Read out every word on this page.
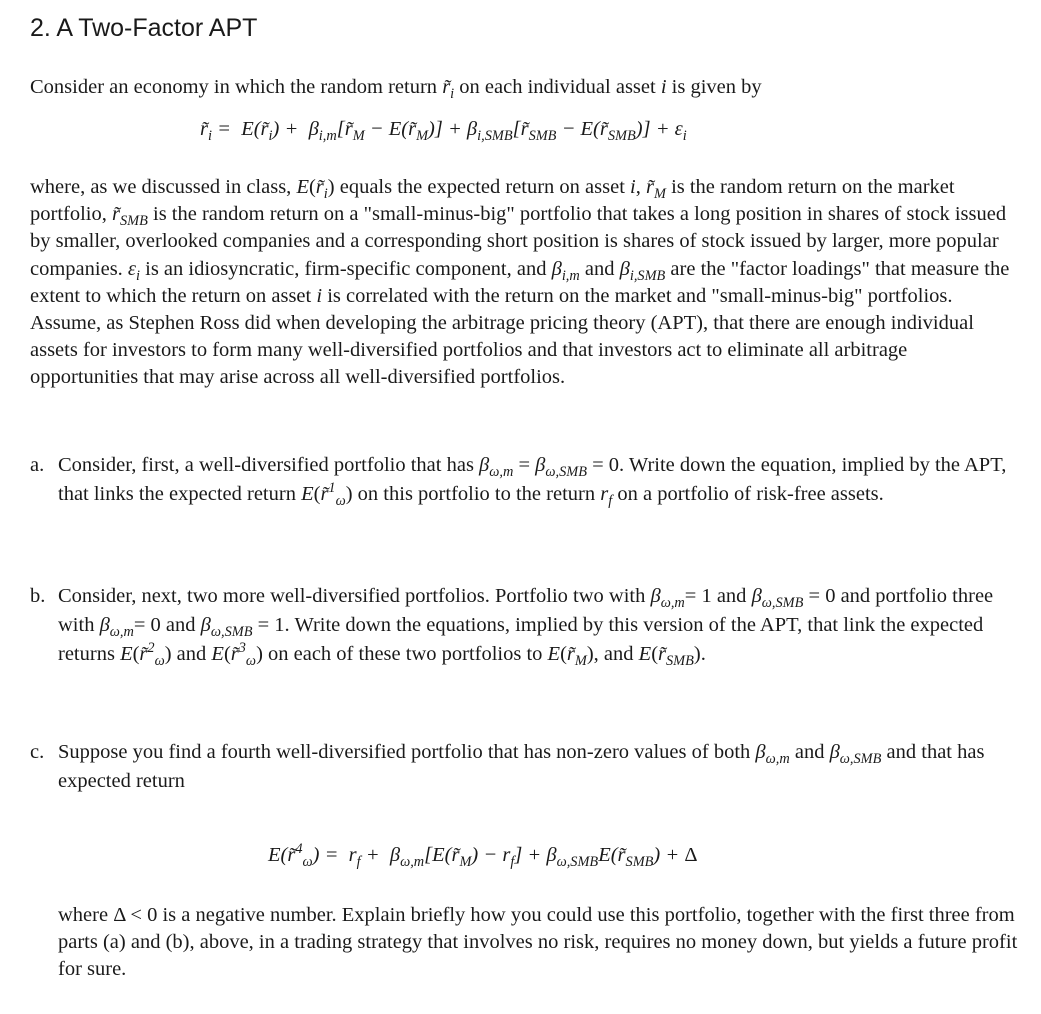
2. A Two-Factor APT

Consider an economy in which the random return $r̃_i$ on each individual asset i is given by

$r̃_i$ =  $E(r̃_i)$ +  $\beta_{i,m}[r̃_M$ − $E(r̃_M)$] + $\beta_{i,SMB}[r̃_{SMB}$ − $E(r̃_{SMB})] + \varepsilon_i$

where, as we discussed in class, $E(r̃_i)$ equals the expected return on asset i, $r̃_M$ is the random return on the market portfolio, $r̃_{SMB}$ is the random return on a "small-minus-big" portfolio that takes a long position in shares of stock issued by smaller, overlooked companies and a corresponding short position is shares of stock issued by larger, more popular companies. $\varepsilon_i$ is an idiosyncratic, firm-specific component, and $\beta_{i,m}$ and $\beta_{i,SMB}$ are the "factor loadings" that measure the extent to which the return on asset i is correlated with the return on the market and "small-minus-big" portfolios. Assume, as Stephen Ross did when developing the arbitrage pricing theory (APT), that there are enough individual assets for investors to form many well-diversified portfolios and that investors act to eliminate all arbitrage opportunities that may arise across all well-diversified portfolios.

a. Consider, first, a well-diversified portfolio that has $\beta_{\omega,m} = \beta_{\omega,SMB} = 0$. Write down the equation, implied by the APT, that links the expected return E(r̃$^1_\omega$) on this portfolio to the return $r_f$ on a portfolio of risk-free assets.

b. Consider, next, two more well-diversified portfolios. Portfolio two with $\beta_{\omega,m}= 1$ and $\beta_{\omega,SMB} = 0$ and portfolio three with $\beta_{\omega,m}= 0$ and $\beta_{\omega,SMB} = 1$. Write down the equations, implied by this version of the APT, that link the expected returns E(r̃$^2_\omega$) and E(r̃$^3_\omega$) on each of these two portfolios to $E(r̃_M)$, and $E(r̃_{SMB})$.

c. Suppose you find a fourth well-diversified portfolio that has non-zero values of both $\beta_{\omega,m}$ and $\beta_{\omega,SMB}$ and that has expected return

E(r̃$^4_\omega$) =  $r_f$ +  $\beta_{\omega,m}[E(r̃_M) - r_f]$ + $\beta_{\omega,SMB}E(r̃_{SMB}) + \Delta$

where Δ < 0 is a negative number. Explain briefly how you could use this portfolio, together with the first three from parts (a) and (b), above, in a trading strategy that involves no risk, requires no money down, but yields a future profit for sure.
